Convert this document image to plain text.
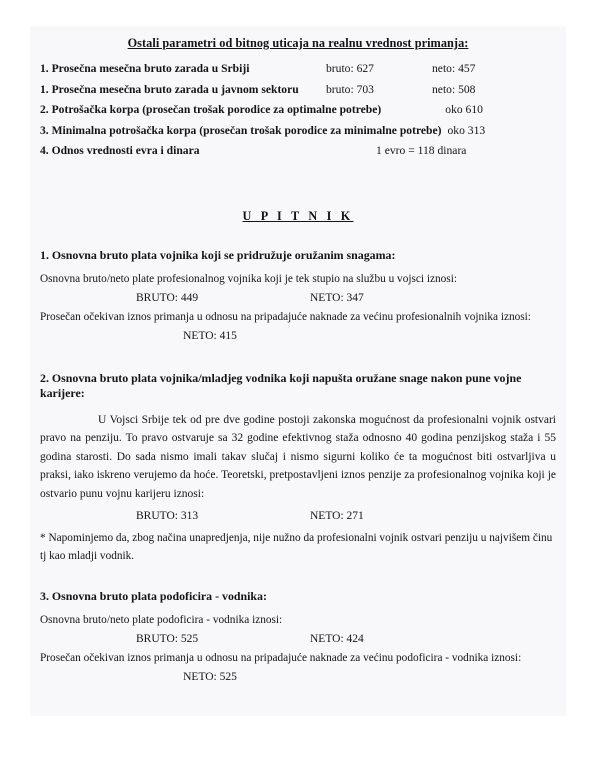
Ostali parametri od bitnog uticaja na realnu vrednost primanja:
1. Prosečna mesečna bruto zarada u Srbiji	bruto: 627	neto: 457
1. Prosečna mesečna bruto zarada u javnom sektoru	bruto: 703	neto: 508
2. Potrošačka korpa (prosečan trošak porodice za optimalne potrebe)	oko 610
3. Minimalna potrošačka korpa (prosečan trošak porodice za minimalne potrebe) oko 313
4. Odnos vrednosti evra i dinara	1 evro = 118 dinara
U P I T N I K
1. Osnovna bruto plata vojnika koji se pridružuje oružanim snagama:
Osnovna bruto/neto plate profesionalnog vojnika koji je tek stupio na službu u vojsci iznosi:
BRUTO: 449	NETO: 347
Prosečan očekivan iznos primanja u odnosu na pripadajuće naknade za većinu profesionalnih vojnika iznosi:
NETO: 415
2. Osnovna bruto plata vojnika/mladjeg vodnika koji napušta oružane snage nakon pune vojne karijere:

U Vojsci Srbije tek od pre dve godine postoji zakonska mogućnost da profesionalni vojnik ostvari pravo na penziju. To pravo ostvaruje sa 32 godine efektivnog staža odnosno 40 godina penzijskog staža i 55 godina starosti. Do sada nismo imali takav slučaj i nismo sigurni koliko će ta mogućnost biti ostvarljiva u praksi, iako iskreno verujemo da hoće. Teoretski, pretpostavljeni iznos penzije za profesionalnog vojnika koji je ostvario punu vojnu karijeru iznosi:

BRUTO: 313	NETO: 271
* Napominjemo da, zbog načina unapredjenja, nije nužno da profesionalni vojnik ostvari penziju u najvišem činu tj kao mladji vodnik.
3. Osnovna bruto plata podoficira - vodnika:
Osnovna bruto/neto plate podoficira - vodnika iznosi:
BRUTO: 525	NETO: 424
Prosečan očekivan iznos primanja u odnosu na pripadajuće naknade za većinu podoficira - vodnika iznosi:
NETO: 525
